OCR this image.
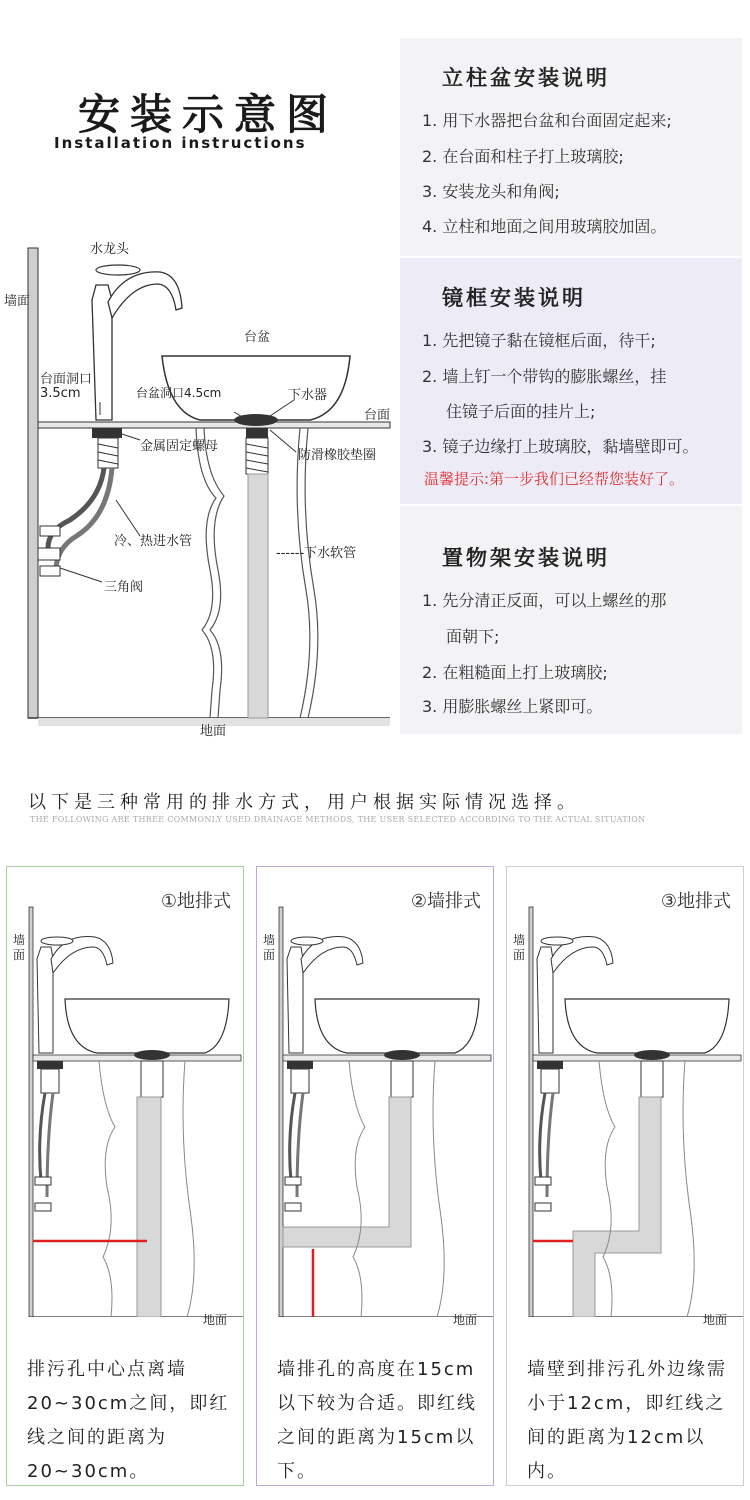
安装示意图
Installation instructions
水龙头
墙面
台盆
台面洞口
3.5cm	台盆洞口4.5cm	下水器
台面
金属固定螺母
防滑橡胶垫圈
冷、热进水管
------下水软管
三角阀
地面
立柱盆安装说明
1. 用下水器把台盆和台面固定起来;
2. 在台面和柱子打上玻璃胶;
3. 安装龙头和角阀;
4. 立柱和地面之间用玻璃胶加固。
镜框安装说明
1. 先把镜子黏在镜框后面，待干;
2. 墙上钉一个带钩的膨胀螺丝，挂
住镜子后面的挂片上;
3. 镜子边缘打上玻璃胶，黏墙壁即可。
温馨提示:第一步我们已经帮您装好了。
置物架安装说明
1. 先分清正反面，可以上螺丝的那
面朝下;
2. 在粗糙面上打上玻璃胶;
3. 用膨胀螺丝上紧即可。
以下是三种常用的排水方式，用户根据实际情况选择。
THE FOLLOWING ARE THREE COMMONLY USED DRAINAGE METHODS, THE USER SELECTED ACCORDING TO THE ACTUAL SITUATION
①地排式
墙面
地面
排污孔中心点离墙20~30cm之间，即红线之间的距离为20~30cm。
②墙排式
墙面
地面
墙排孔的高度在15cm以下较为合适。即红线之间的距离为15cm以下。
③地排式
墙面
地面
墙壁到排污孔外边缘需小于12cm，即红线之间的距离为12cm以内。
